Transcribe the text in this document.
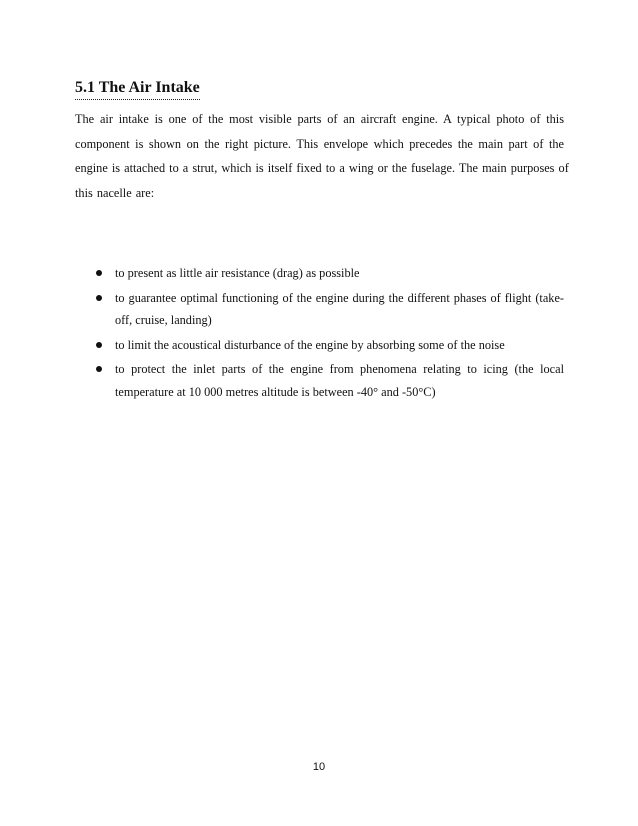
5.1 The Air Intake
The air intake is one of the most visible parts of an aircraft engine. A typical photo of this
component is shown on the right picture. This envelope which precedes the main part of the
engine is attached to a strut, which is itself fixed to a wing or the fuselage. The main purposes of
this nacelle are:
to present as little air resistance (drag) as possible
to guarantee optimal functioning of the engine during the different phases of flight (take-
off, cruise, landing)
to limit the acoustical disturbance of the engine by absorbing some of the noise
to protect the inlet parts of the engine from phenomena relating to icing (the local
temperature at 10 000 metres altitude is between -40° and -50°C)
10
